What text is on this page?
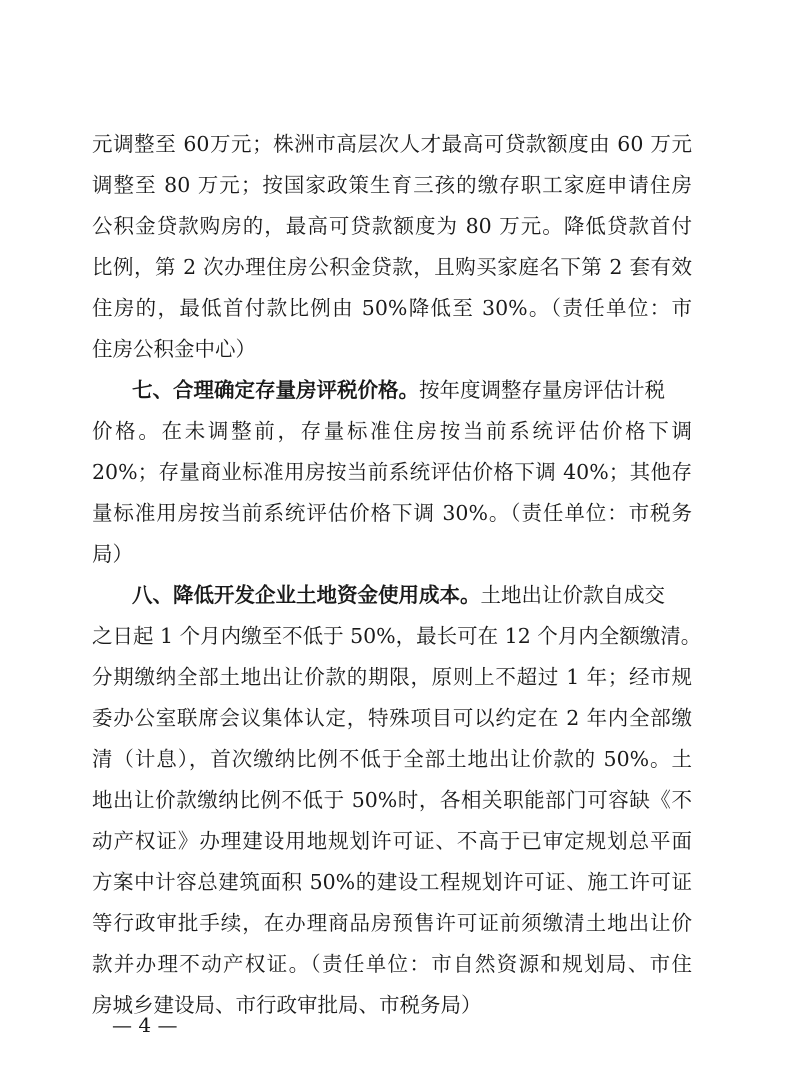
元调整至 60万元；株洲市高层次人才最高可贷款额度由 60 万元
调整至 80 万元；按国家政策生育三孩的缴存职工家庭申请住房
公积金贷款购房的，最高可贷款额度为 80 万元。降低贷款首付
比例，第 2 次办理住房公积金贷款，且购买家庭名下第 2 套有效
住房的，最低首付款比例由 50%降低至 30%。（责任单位：市
住房公积金中心）
七、合理确定存量房评税价格。按年度调整存量房评估计税
价格。在未调整前，存量标准住房按当前系统评估价格下调
20%；存量商业标准用房按当前系统评估价格下调 40%；其他存
量标准用房按当前系统评估价格下调 30%。（责任单位：市税务
局）
八、降低开发企业土地资金使用成本。土地出让价款自成交
之日起 1 个月内缴至不低于 50%，最长可在 12 个月内全额缴清。
分期缴纳全部土地出让价款的期限，原则上不超过 1 年；经市规
委办公室联席会议集体认定，特殊项目可以约定在 2 年内全部缴
清（计息），首次缴纳比例不低于全部土地出让价款的 50%。土
地出让价款缴纳比例不低于 50%时，各相关职能部门可容缺《不
动产权证》办理建设用地规划许可证、不高于已审定规划总平面
方案中计容总建筑面积 50%的建设工程规划许可证、施工许可证
等行政审批手续，在办理商品房预售许可证前须缴清土地出让价
款并办理不动产权证。（责任单位：市自然资源和规划局、市住
房城乡建设局、市行政审批局、市税务局）
— 4 —
